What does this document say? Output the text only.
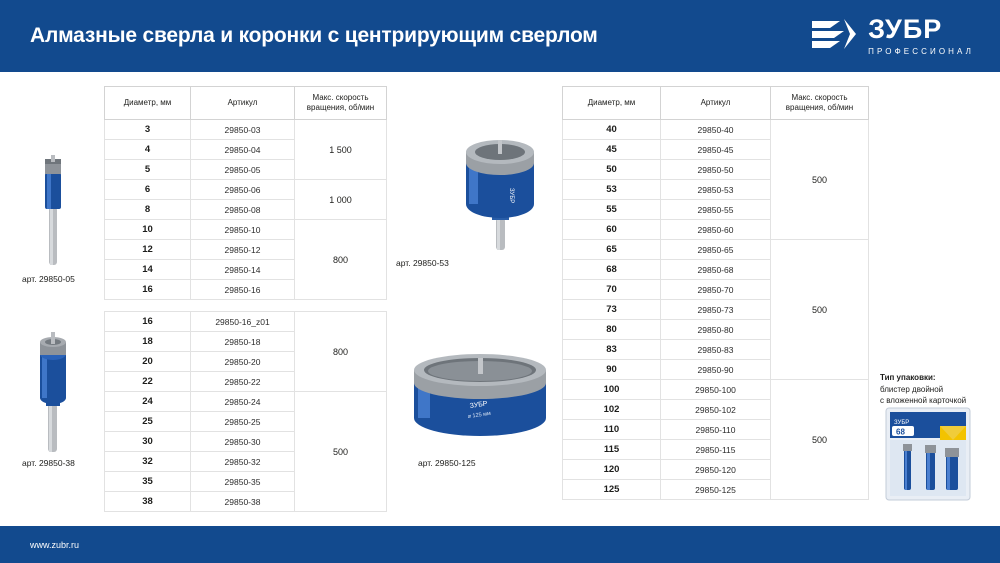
Алмазные сверла и коронки с центрирующим сверлом	ЗУБР
ПРОФЕССИОНАЛ
Диаметр, мм	Артикул	Макс. скорость вращения, об/мин
3	29850-03	1 500
4	29850-04	
5	29850-05	
6	29850-06	1 000
8	29850-08	
10	29850-10	800
12	29850-12	
14	29850-14	
16	29850-16	
16	29850-16_z01	800
18	29850-18	
20	29850-20	
22	29850-22	
24	29850-24	500
25	29850-25	
30	29850-30	
32	29850-32	
35	29850-35	
38	29850-38	
Диаметр, мм	Артикул	Макс. скорость вращения, об/мин
40	29850-40	500
45	29850-45	
50	29850-50	
53	29850-53	
55	29850-55	
60	29850-60	
65	29850-65	500
68	29850-68	
70	29850-70	
73	29850-73	
80	29850-80	
83	29850-83	
90	29850-90	
100	29850-100	500
102	29850-102	
110	29850-110	
115	29850-115	
120	29850-120	
125	29850-125	
арт. 29850-05
арт. 29850-38
ЗУБР
арт. 29850-53
ЗУБР
⌀ 125 мм
арт. 29850-125
Тип упаковки:
блистер двойной
с вложенной карточкой
ЗУБР
68
www.zubr.ru
